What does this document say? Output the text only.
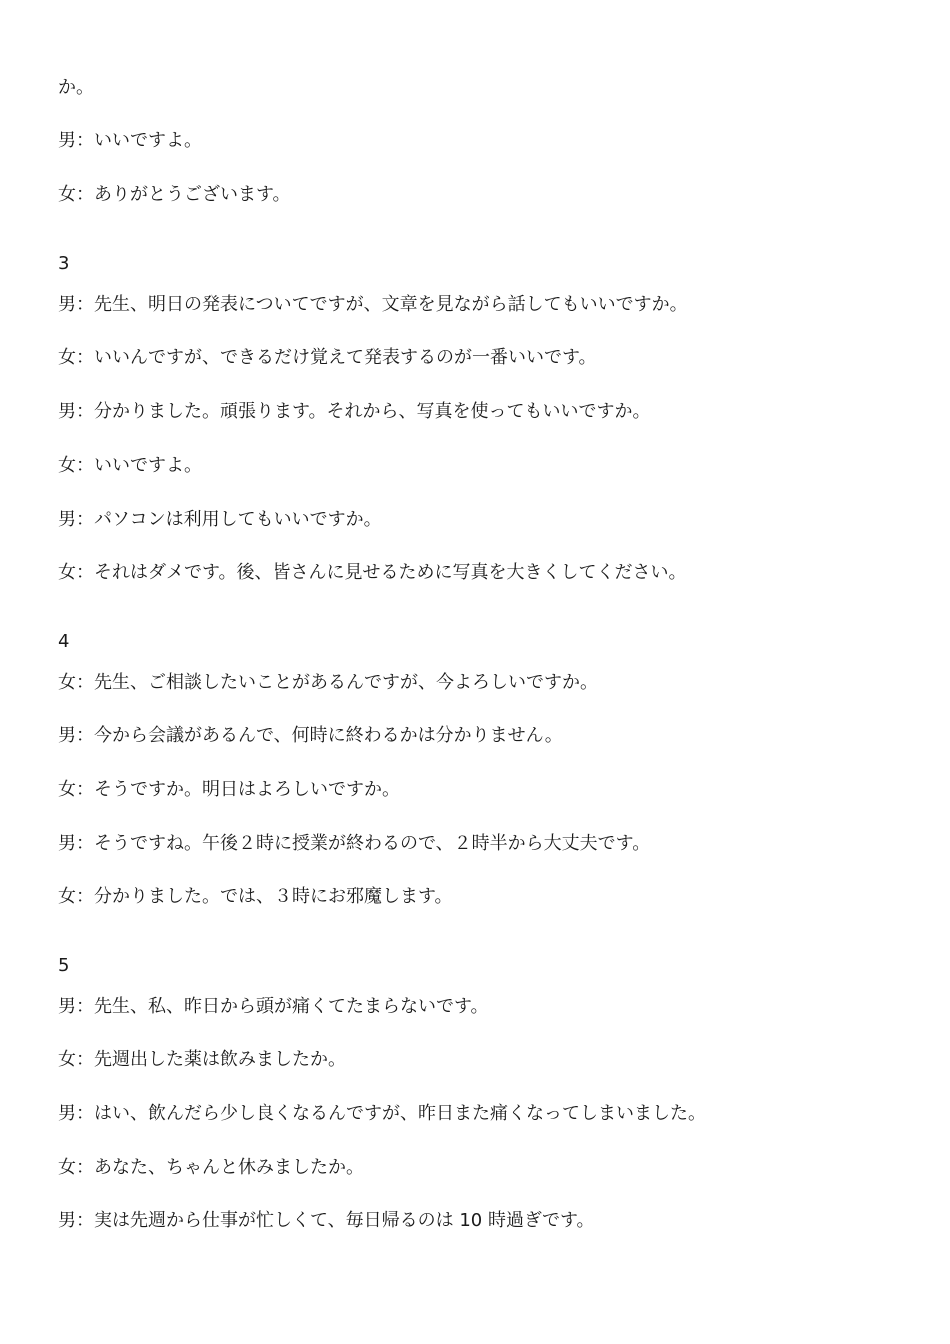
か。
男：いいですよ。
女：ありがとうございます。
3
男：先生、明日の発表についてですが、文章を見ながら話してもいいですか。
女：いいんですが、できるだけ覚えて発表するのが一番いいです。
男：分かりました。頑張ります。それから、写真を使ってもいいですか。
女：いいですよ。
男：パソコンは利用してもいいですか。
女：それはダメです。後、皆さんに見せるために写真を大きくしてください。
4
女：先生、ご相談したいことがあるんですが、今よろしいですか。
男：今から会議があるんで、何時に終わるかは分かりません。
女：そうですか。明日はよろしいですか。
男：そうですね。午後２時に授業が終わるので、２時半から大丈夫です。
女：分かりました。では、３時にお邪魔します。
5
男：先生、私、昨日から頭が痛くてたまらないです。
女：先週出した薬は飲みましたか。
男：はい、飲んだら少し良くなるんですが、昨日また痛くなってしまいました。
女：あなた、ちゃんと休みましたか。
男：実は先週から仕事が忙しくて、毎日帰るのは 10 時過ぎです。
